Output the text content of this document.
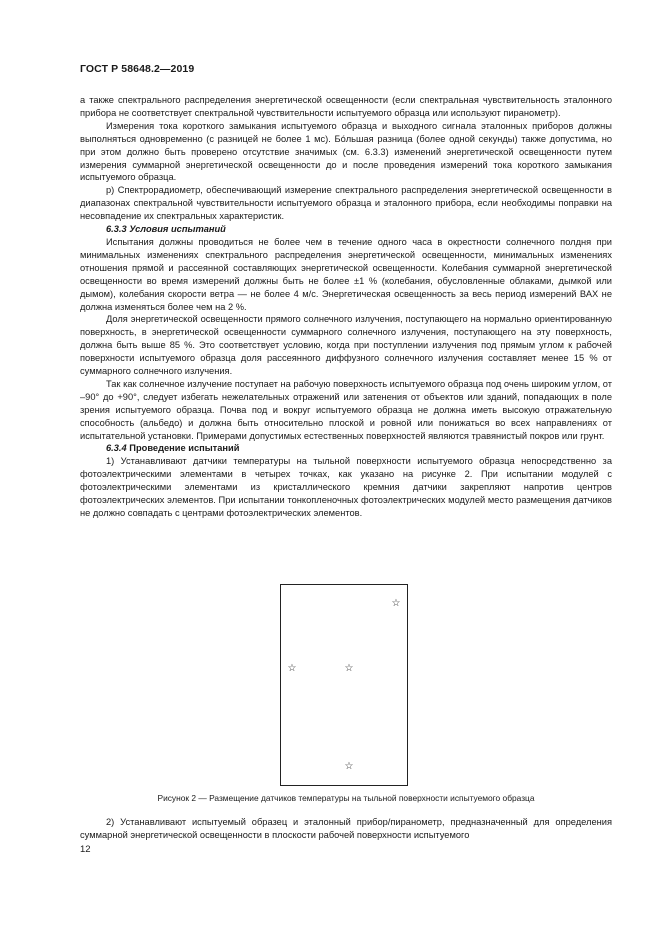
ГОСТ Р 58648.2—2019

а также спектрального распределения энергетической освещенности (если спектральная чувствительность эталонного прибора не соответствует спектральной чувствительности испытуемого образца или используют пиранометр).

Измерения тока короткого замыкания испытуемого образца и выходного сигнала эталонных приборов должны выполняться одновременно (с разницей не более 1 мс). Бóльшая разница (более одной секунды) также допустима, но при этом должно быть проверено отсутствие значимых (см. 6.3.3) изменений энергетической освещенности путем измерения суммарной энергетической освещенности до и после проведения измерений тока короткого замыкания испытуемого образца.

р) Спектрорадиометр, обеспечивающий измерение спектрального распределения энергетической освещенности в диапазонах спектральной чувствительности испытуемого образца и эталонного прибора, если необходимы поправки на несовпадение их спектральных характеристик.

6.3.3 Условия испытаний

Испытания должны проводиться не более чем в течение одного часа в окрестности солнечного полдня при минимальных изменениях спектрального распределения энергетической освещенности, минимальных изменениях отношения прямой и рассеянной составляющих энергетической освещенности. Колебания суммарной энергетической освещенности во время измерений должны быть не более ±1 % (колебания, обусловленные облаками, дымкой или дымом), колебания скорости ветра — не более 4 м/с. Энергетическая освещенность за весь период измерений ВАХ не должна изменяться более чем на 2 %.

Доля энергетической освещенности прямого солнечного излучения, поступающего на нормально ориентированную поверхность, в энергетической освещенности суммарного солнечного излучения, поступающего на эту поверхность, должна быть выше 85 %. Это соответствует условию, когда при поступлении излучения под прямым углом к рабочей поверхности испытуемого образца доля рассеянного диффузного солнечного излучения составляет менее 15 % от суммарного солнечного излучения.

Так как солнечное излучение поступает на рабочую поверхность испытуемого образца под очень широким углом, от –90° до +90°, следует избегать нежелательных отражений или затенения от объектов или зданий, попадающих в поле зрения испытуемого образца. Почва под и вокруг испытуемого образца не должна иметь высокую отражательную способность (альбедо) и должна быть относительно плоской и ровной или понижаться во всех направлениях от испытательной установки. Примерами допустимых естественных поверхностей являются травянистый покров или грунт.

6.3.4 Проведение испытаний

1) Устанавливают датчики температуры на тыльной поверхности испытуемого образца непосредственно за фотоэлектрическими элементами в четырех точках, как указано на рисунке 2. При испытании модулей с фотоэлектрическими элементами из кристаллического кремния датчики закрепляют напротив центров фотоэлектрических элементов. При испытании тонкопленочных фотоэлектрических модулей место размещения датчиков не должно совпадать с центрами фотоэлектрических элементов.

☆
☆	☆
☆
Рисунок 2 — Размещение датчиков температуры на тыльной поверхности испытуемого образца

2) Устанавливают испытуемый образец и эталонный прибор/пиранометр, предназначенный для определения суммарной энергетической освещенности в плоскости рабочей поверхности испытуемого

12
